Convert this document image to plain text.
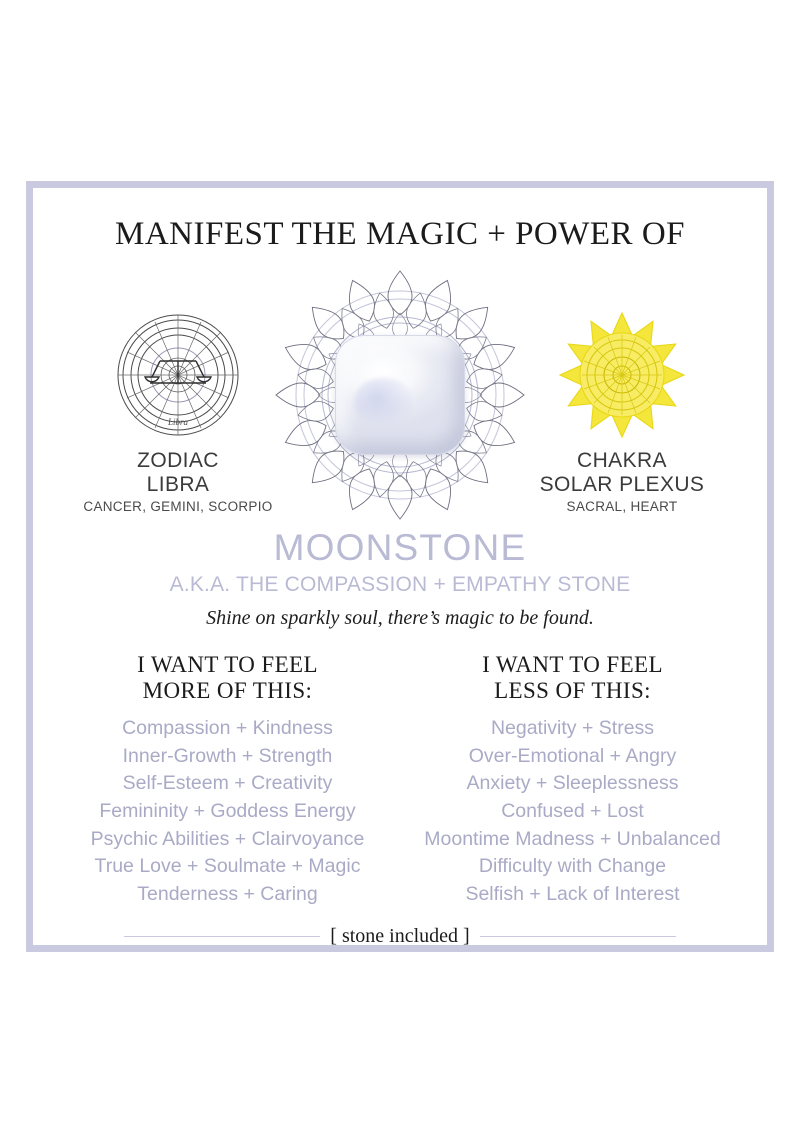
MANIFEST THE MAGIC + POWER OF
Libra
ZODIAC
LIBRA
CANCER, GEMINI, SCORPIO
CHAKRA
SOLAR PLEXUS
SACRAL, HEART
MOONSTONE
A.K.A. THE COMPASSION + EMPATHY STONE
Shine on sparkly soul, there’s magic to be found.
I WANT TO FEEL
MORE OF THIS:
Compassion + Kindness
Inner-Growth + Strength
Self-Esteem + Creativity
Femininity + Goddess Energy
Psychic Abilities + Clairvoyance
True Love + Soulmate + Magic
Tenderness + Caring
I WANT TO FEEL
LESS OF THIS:
Negativity + Stress
Over-Emotional + Angry
Anxiety + Sleeplessness
Confused + Lost
Moontime Madness + Unbalanced
Difficulty with Change
Selfish + Lack of Interest
[ stone included ]
